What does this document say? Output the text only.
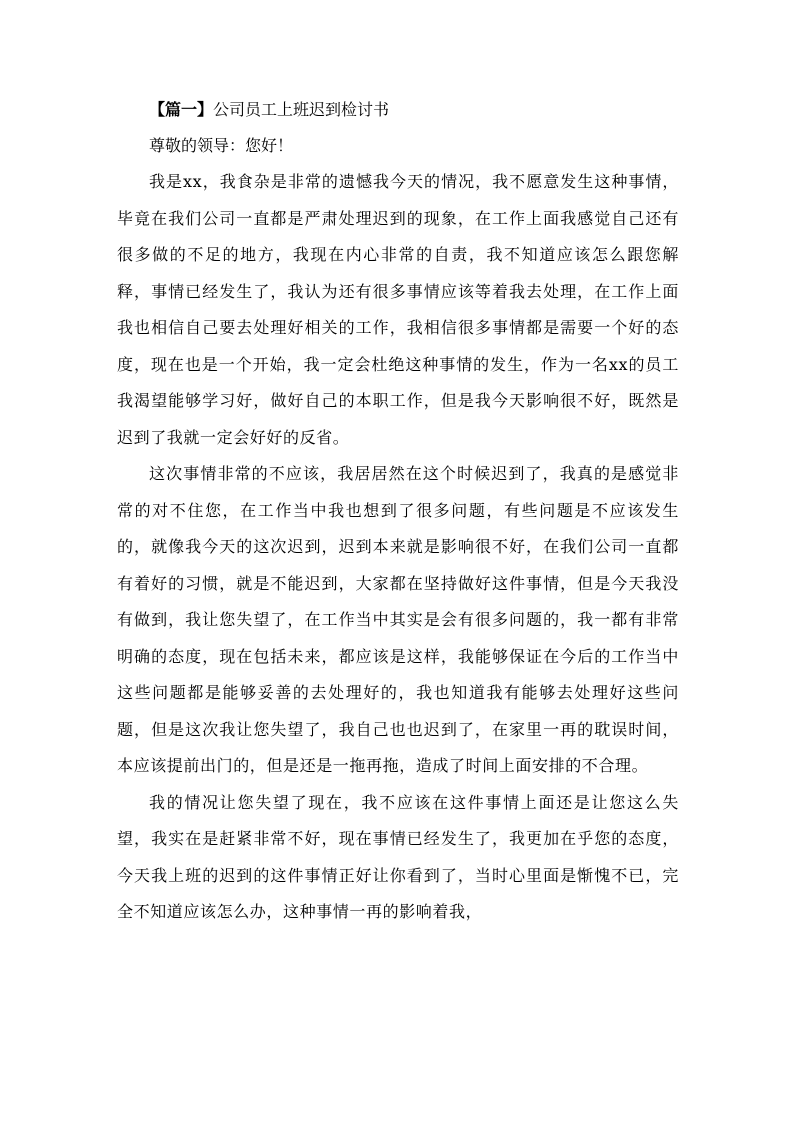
【篇一】公司员工上班迟到检讨书

尊敬的领导：您好！

我是xx，我食杂是非常的遗憾我今天的情况，我不愿意发生这种事情，毕竟在我们公司一直都是严肃处理迟到的现象，在工作上面我感觉自己还有很多做的不足的地方，我现在内心非常的自责，我不知道应该怎么跟您解释，事情已经发生了，我认为还有很多事情应该等着我去处理，在工作上面我也相信自己要去处理好相关的工作，我相信很多事情都是需要一个好的态度，现在也是一个开始，我一定会杜绝这种事情的发生，作为一名xx的员工我渴望能够学习好，做好自己的本职工作，但是我今天影响很不好，既然是迟到了我就一定会好好的反省。

这次事情非常的不应该，我居居然在这个时候迟到了，我真的是感觉非常的对不住您，在工作当中我也想到了很多问题，有些问题是不应该发生的，就像我今天的这次迟到，迟到本来就是影响很不好，在我们公司一直都有着好的习惯，就是不能迟到，大家都在坚持做好这件事情，但是今天我没有做到，我让您失望了，在工作当中其实是会有很多问题的，我一都有非常明确的态度，现在包括未来，都应该是这样，我能够保证在今后的工作当中这些问题都是能够妥善的去处理好的，我也知道我有能够去处理好这些问题，但是这次我让您失望了，我自己也也迟到了，在家里一再的耽误时间，本应该提前出门的，但是还是一拖再拖，造成了时间上面安排的不合理。

我的情况让您失望了现在，我不应该在这件事情上面还是让您这么失望，我实在是赶紧非常不好，现在事情已经发生了，我更加在乎您的态度，今天我上班的迟到的这件事情正好让你看到了，当时心里面是惭愧不已，完全不知道应该怎么办，这种事情一再的影响着我，
